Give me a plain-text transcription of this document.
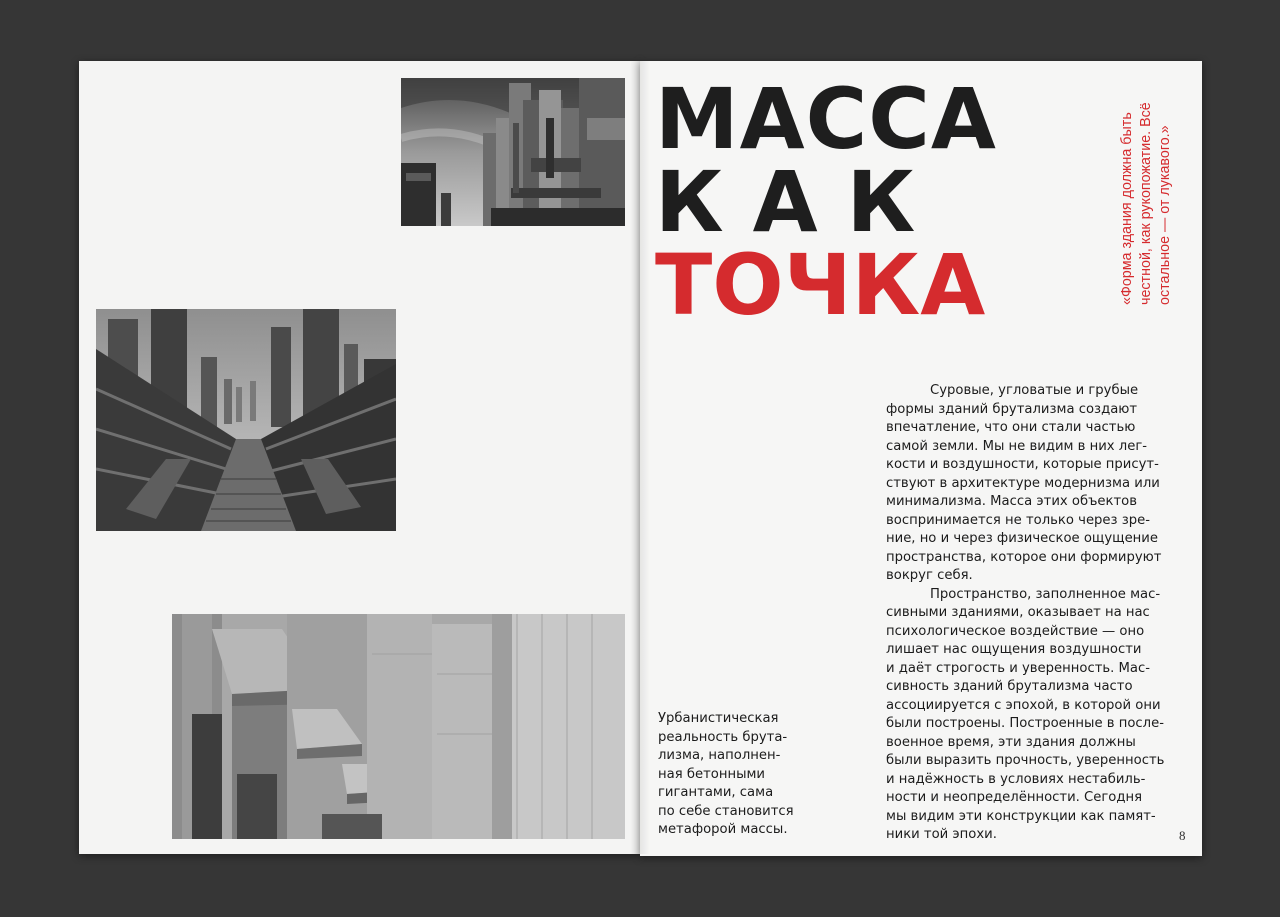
МАССА
КАК
ТОЧКА	«Форма здания должна быть честной, как рукопожатие. Всё остальное — от лукавого.»
Суровые, угловатые и грубые
формы зданий брутализма создают
впечатление, что они стали частью
самой земли. Мы не видим в них лег-
кости и воздушности, которые присут-
ствуют в архитектуре модернизма или
минимализма. Масса этих объектов
воспринимается не только через зре-
ние, но и через физическое ощущение
пространства, которое они формируют
вокруг себя.
Пространство, заполненное мас-
сивными зданиями, оказывает на нас
психологическое воздействие — оно
лишает нас ощущения воздушности
и даёт строгость и уверенность. Мас-
сивность зданий брутализма часто
ассоциируется с эпохой, в которой они
были построены. Построенные в после-
военное время, эти здания должны
были выразить прочность, уверенность
и надёжность в условиях нестабиль-
ности и неопределённости. Сегодня
мы видим эти конструкции как памят-
ники той эпохи.
Урбанистическая
реальность брута-
лизма, наполнен-
ная бетонными
гигантами, сама
по себе становится
метафорой массы.	8
